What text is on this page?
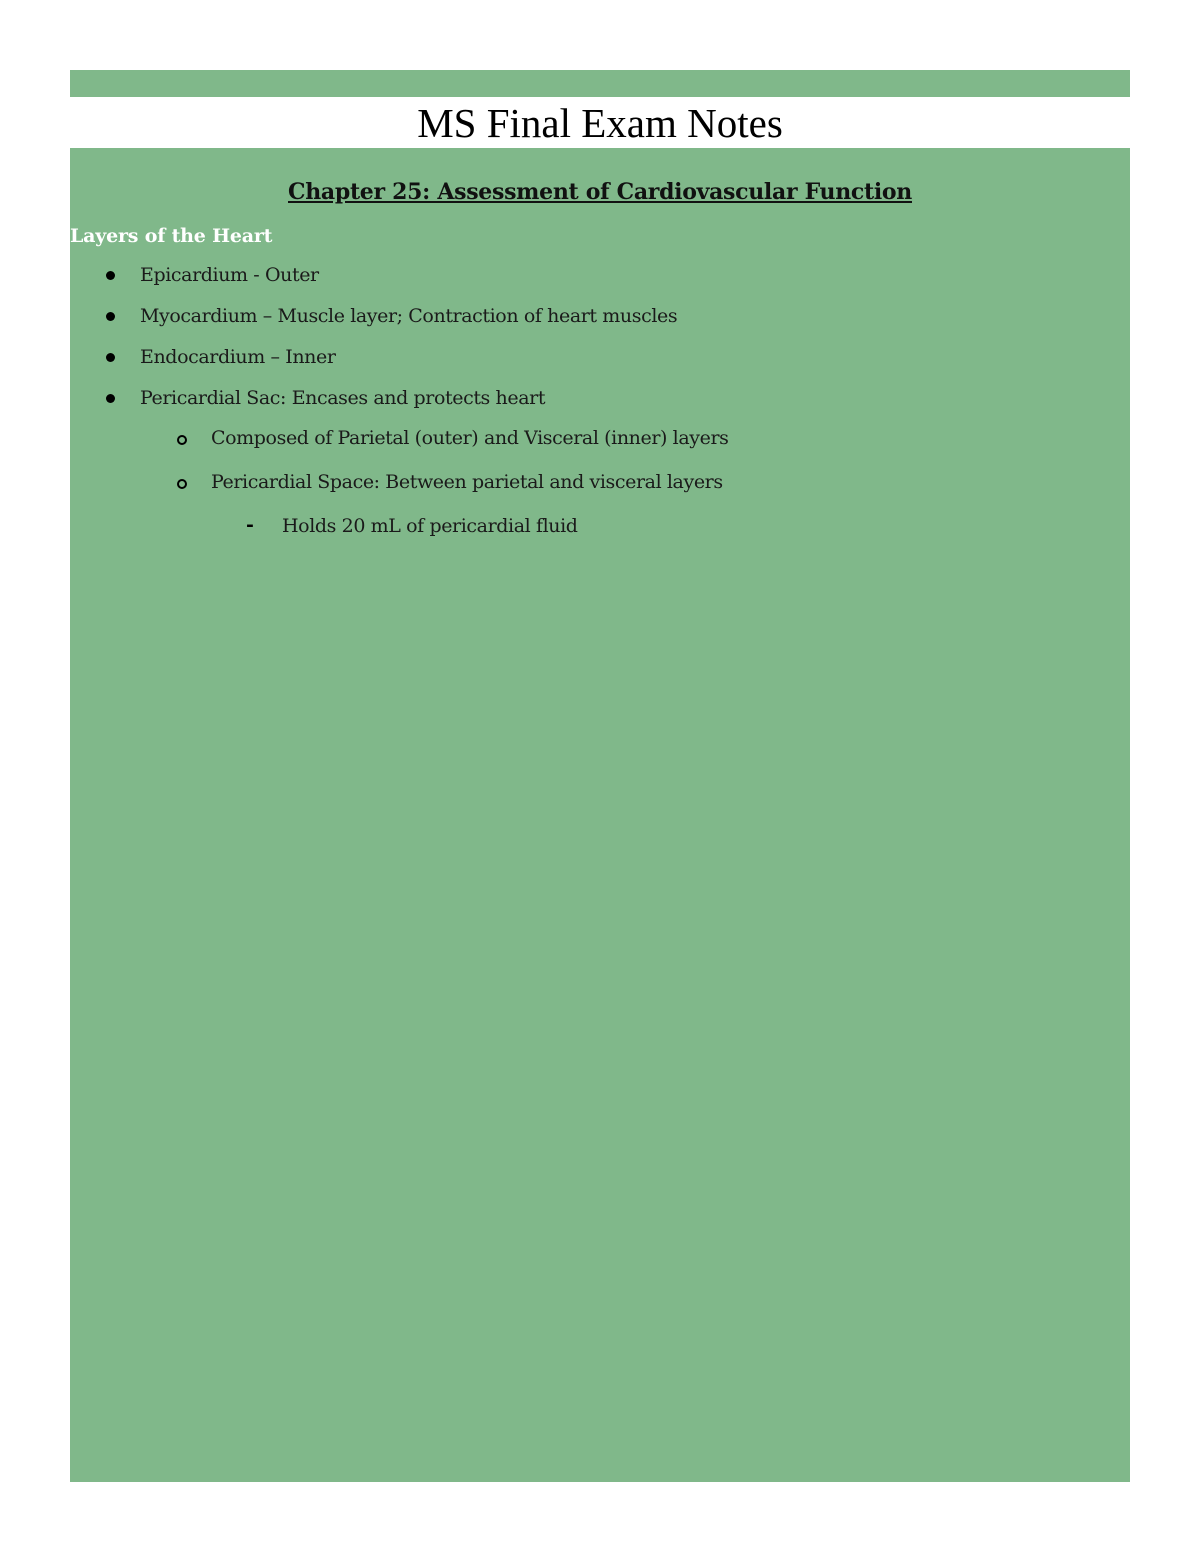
MS Final Exam Notes
Chapter 25: Assessment of Cardiovascular Function
Layers of the Heart
Epicardium - Outer
Myocardium – Muscle layer; Contraction of heart muscles
Endocardium – Inner
Pericardial Sac: Encases and protects heart
Composed of Parietal (outer) and Visceral (inner) layers
Pericardial Space: Between parietal and visceral layers
- Holds 20 mL of pericardial fluid
